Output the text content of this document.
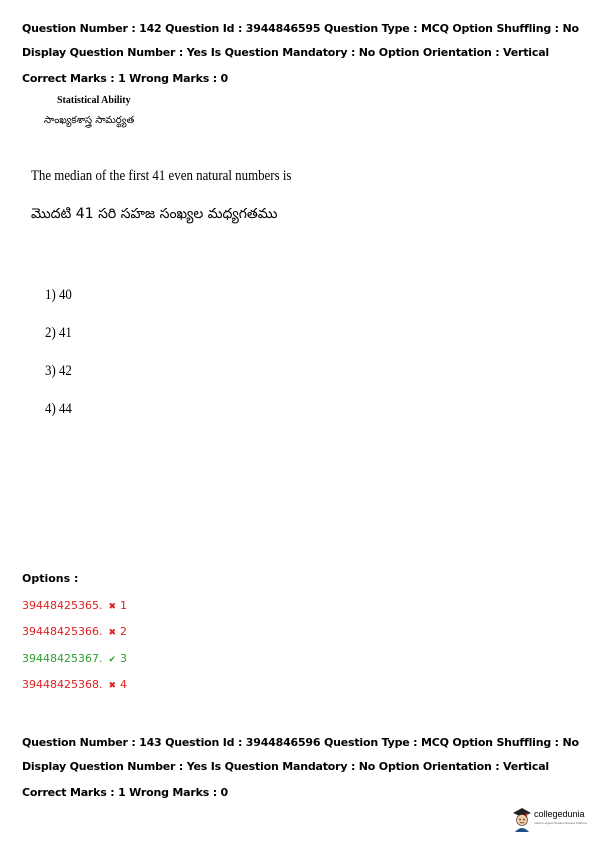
Question Number : 142 Question Id : 3944846595 Question Type : MCQ Option Shuffling : No
Display Question Number : Yes Is Question Mandatory : No Option Orientation : Vertical
Correct Marks : 1 Wrong Marks : 0
Statistical Ability
సాంఖ్యకశాస్త్ర సామర్థ్యత
The median of the first 41 even natural numbers is
మొదటి 41 సరి సహజ సంఖ్యల మధ్యగతము
1) 40
2) 41
3) 42
4) 44
Options :
39448425365. ✖ 1
39448425366. ✖ 2
39448425367. ✔ 3
39448425368. ✖ 4
Question Number : 143 Question Id : 3944846596 Question Type : MCQ Option Shuffling : No
Display Question Number : Yes Is Question Mandatory : No Option Orientation : Vertical
Correct Marks : 1 Wrong Marks : 0
collegedunia
India's Largest Student Review Platform
